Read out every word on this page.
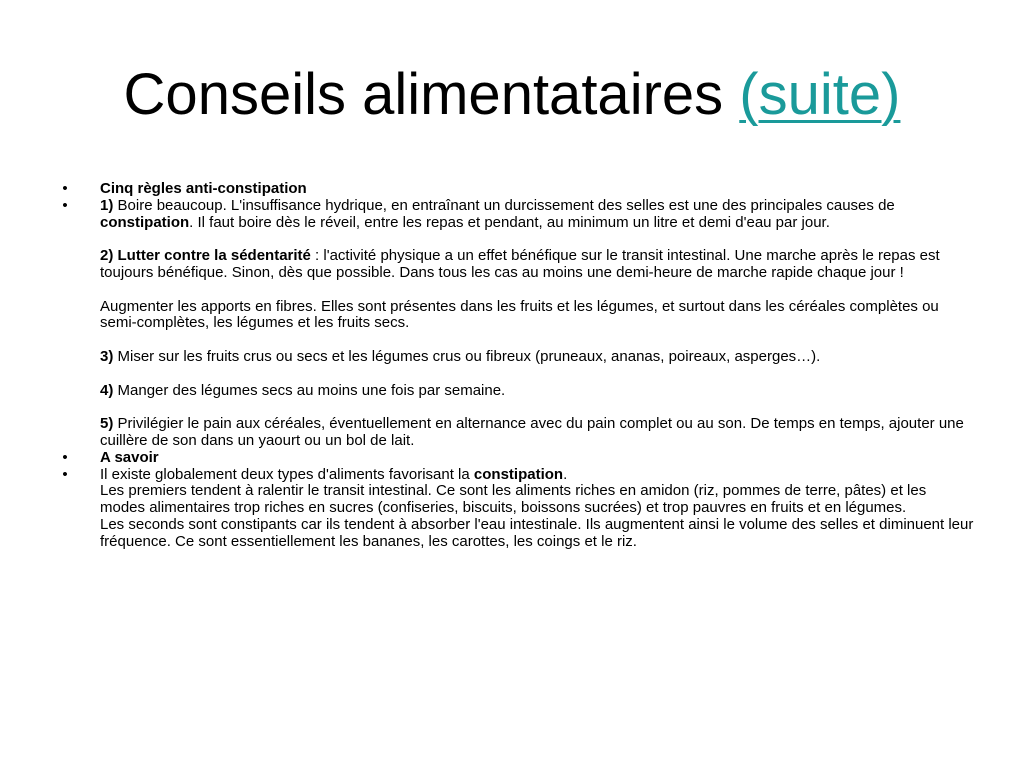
Conseils alimentataires (suite)
• Cinq règles anti-constipation
• 1) Boire beaucoup. L'insuffisance hydrique, en entraînant un durcissement des selles est une des principales causes de constipation. Il faut boire dès le réveil, entre les repas et pendant, au minimum un litre et demi d'eau par jour.
2) Lutter contre la sédentarité : l'activité physique a un effet bénéfique sur le transit intestinal. Une marche après le repas est toujours bénéfique. Sinon, dès que possible. Dans tous les cas au moins une demi-heure de marche rapide chaque jour !
Augmenter les apports en fibres. Elles sont présentes dans les fruits et les légumes, et surtout dans les céréales complètes ou semi-complètes, les légumes et les fruits secs.
3) Miser sur les fruits crus ou secs et les légumes crus ou fibreux (pruneaux, ananas, poireaux, asperges…).
4) Manger des légumes secs au moins une fois par semaine.
5) Privilégier le pain aux céréales, éventuellement en alternance avec du pain complet ou au son. De temps en temps, ajouter une cuillère de son dans un yaourt ou un bol de lait.
• A savoir
• Il existe globalement deux types d'aliments favorisant la constipation.
Les premiers tendent à ralentir le transit intestinal. Ce sont les aliments riches en amidon (riz, pommes de terre, pâtes) et les modes alimentaires trop riches en sucres (confiseries, biscuits, boissons sucrées) et trop pauvres en fruits et en légumes.
Les seconds sont constipants car ils tendent à absorber l'eau intestinale. Ils augmentent ainsi le volume des selles et diminuent leur fréquence. Ce sont essentiellement les bananes, les carottes, les coings et le riz.
